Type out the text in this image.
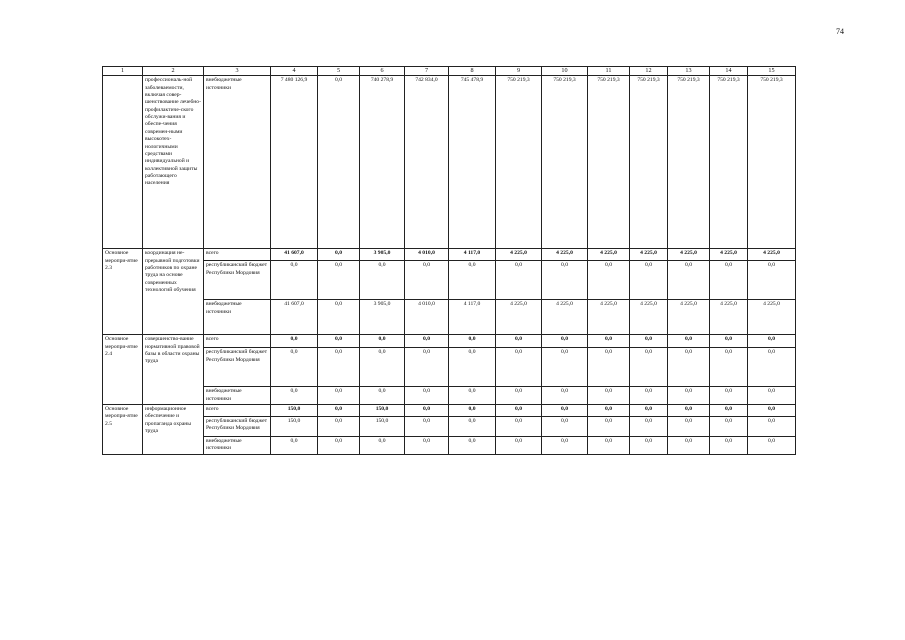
74
1	2	3	4	5	6	7	8	9	10	11	12	13	14	15
	профессиональ-ной заболеваемости, включая совер-шенствование лечебно-профилактиче-ского обслужи-вания и обеспе-чения современ-ными высокотех-нологичными средствами индивидуальной и коллективной защиты работающего населения	внебюджетные источники	7 480 126,9	0,0	740 278,9	742 834,0	745 478,9	750 219,3	750 219,3	750 219,3	750 219,3	750 219,3	750 219,3	750 219,3
Основное меропри-ятие 2.3	координация не-прерывной подготовки работников по охране труда на основе современных технологий обучения	всего	41 607,0	0,0	3 905,0	4 010,0	4 117,0	4 225,0	4 225,0	4 225,0	4 225,0	4 225,0	4 225,0	4 225,0
		республиканский бюджет Республики Мордовия	0,0	0,0	0,0	0,0	0,0	0,0	0,0	0,0	0,0	0,0	0,0	0,0
		внебюджетные источники	41 607,0	0,0	3 905,0	4 010,0	4 117,0	4 225,0	4 225,0	4 225,0	4 225,0	4 225,0	4 225,0	4 225,0
Основное меропри-ятие 2.4	совершенство-вание нормативной правовой базы в области охраны труда	всего	0,0	0,0	0,0	0,0	0,0	0,0	0,0	0,0	0,0	0,0	0,0	0,0
		республиканский бюджет Республики Мордовия	0,0	0,0	0,0	0,0	0,0	0,0	0,0	0,0	0,0	0,0	0,0	0,0
		внебюджетные источники	0,0	0,0	0,0	0,0	0,0	0,0	0,0	0,0	0,0	0,0	0,0	0,0
Основное меропри-ятие 2.5	информационное обеспечение и пропаганда охраны труда	всего	150,0	0,0	150,0	0,0	0,0	0,0	0,0	0,0	0,0	0,0	0,0	0,0
		республиканский бюджет Республики Мордовия	150,0	0,0	150,0	0,0	0,0	0,0	0,0	0,0	0,0	0,0	0,0	0,0
		внебюджетные источники	0,0	0,0	0,0	0,0	0,0	0,0	0,0	0,0	0,0	0,0	0,0	0,0
